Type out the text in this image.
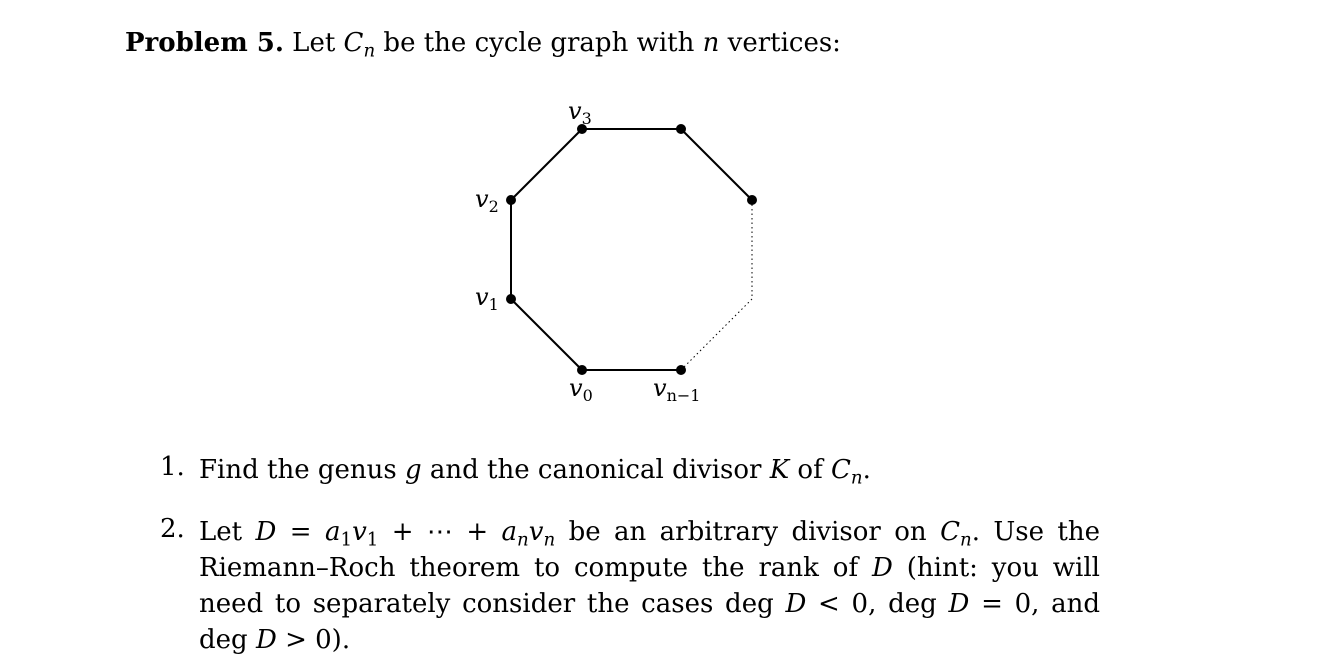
Problem 5. Let $C_n$ be the cycle graph with n vertices:
$v_3$
$v_2$
$v_1$
$v_0$	$v_{n-1}$
1. Find the genus g and the canonical divisor K of $C_n$.
2. Let $D = a_1v_1$ + ⋯ + $a_nv_n$ be an arbitrary divisor on $C_n$. Use the Riemann–Roch theorem to compute the rank of D (hint: you will need to separately consider the cases deg D < 0, deg D = 0, and deg D > 0).
